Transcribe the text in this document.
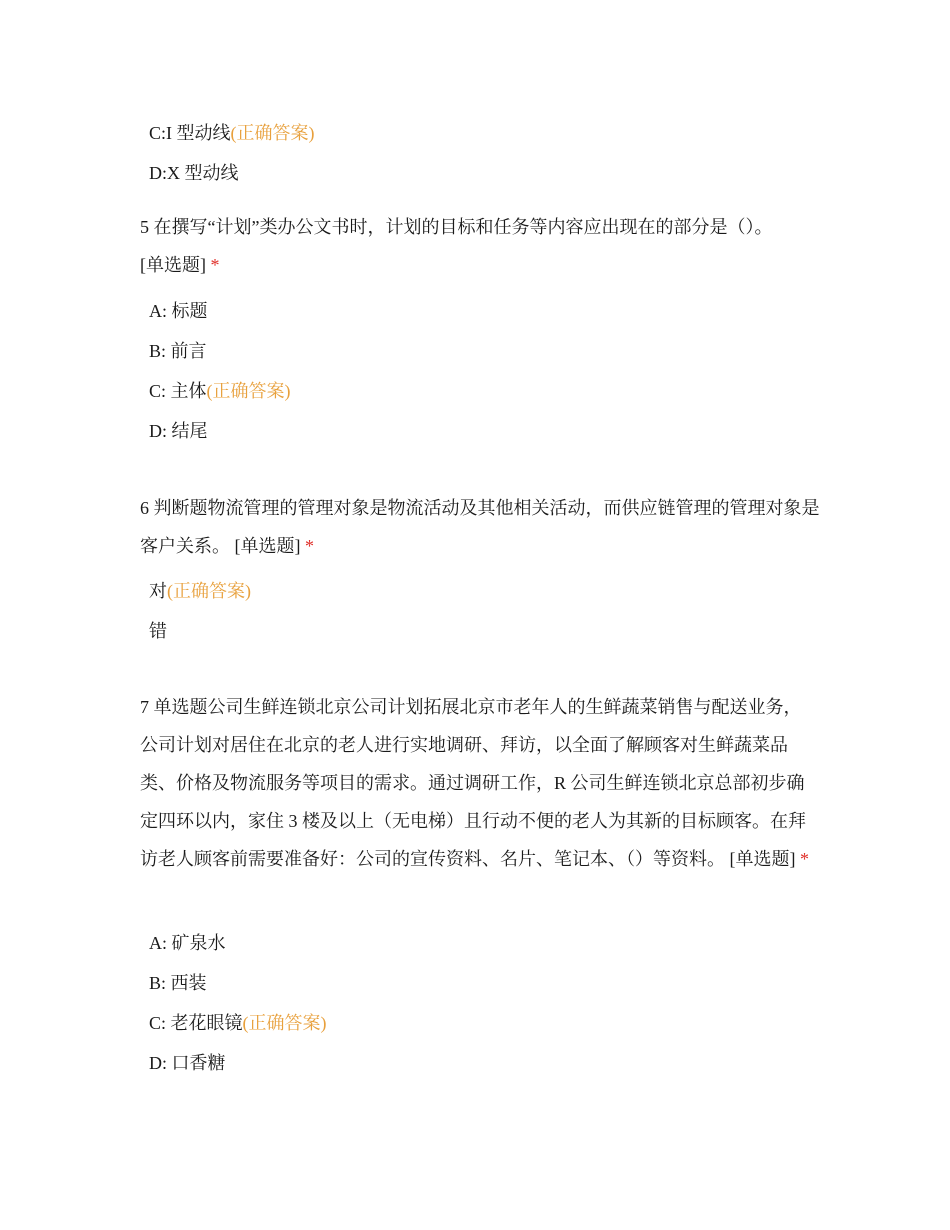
C:I 型动线(正确答案)
D:X 型动线
5 在撰写“计划”类办公文书时，计划的目标和任务等内容应出现在的部分是（）。
[单选题] *
A: 标题
B: 前言
C: 主体(正确答案)
D: 结尾
6 判断题物流管理的管理对象是物流活动及其他相关活动，而供应链管理的管理对象是客户关系。 [单选题] *
对(正确答案)
错
7 单选题公司生鲜连锁北京公司计划拓展北京市老年人的生鲜蔬菜销售与配送业务，公司计划对居住在北京的老人进行实地调研、拜访，以全面了解顾客对生鲜蔬菜品类、价格及物流服务等项目的需求。通过调研工作，R 公司生鲜连锁北京总部初步确定四环以内，家住 3 楼及以上（无电梯）且行动不便的老人为其新的目标顾客。在拜访老人顾客前需要准备好：公司的宣传资料、名片、笔记本、（）等资料。 [单选题] *
A: 矿泉水
B: 西装
C: 老花眼镜(正确答案)
D: 口香糖
